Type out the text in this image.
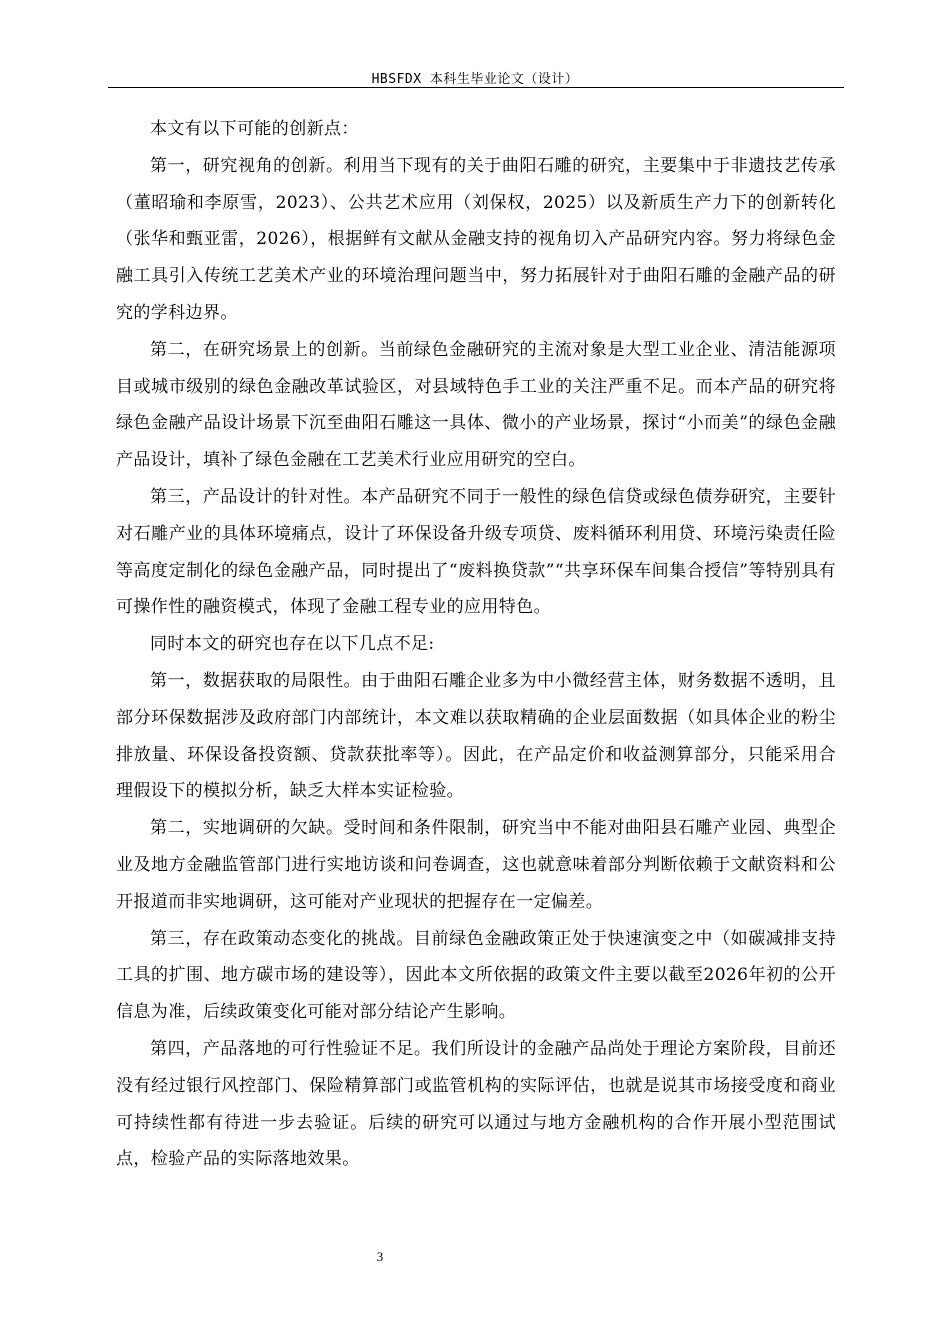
HBSFDX 本科生毕业论文（设计）

本文有以下可能的创新点：

第一，研究视角的创新。利用当下现有的关于曲阳石雕的研究，主要集中于非遗技艺传承（董昭瑜和李原雪，2023）、公共艺术应用（刘保权，2025）以及新质生产力下的创新转化（张华和甄亚雷，2026），根据鲜有文献从金融支持的视角切入产品研究内容。努力将绿色金融工具引入传统工艺美术产业的环境治理问题当中，努力拓展针对于曲阳石雕的金融产品的研究的学科边界。

第二，在研究场景上的创新。当前绿色金融研究的主流对象是大型工业企业、清洁能源项目或城市级别的绿色金融改革试验区，对县域特色手工业的关注严重不足。而本产品的研究将绿色金融产品设计场景下沉至曲阳石雕这一具体、微小的产业场景，探讨“小而美”的绿色金融产品设计，填补了绿色金融在工艺美术行业应用研究的空白。

第三，产品设计的针对性。本产品研究不同于一般性的绿色信贷或绿色债券研究，主要针对石雕产业的具体环境痛点，设计了环保设备升级专项贷、废料循环利用贷、环境污染责任险等高度定制化的绿色金融产品，同时提出了“废料换贷款”“共享环保车间集合授信”等特别具有可操作性的融资模式，体现了金融工程专业的应用特色。

同时本文的研究也存在以下几点不足:

第一，数据获取的局限性。由于曲阳石雕企业多为中小微经营主体，财务数据不透明，且部分环保数据涉及政府部门内部统计，本文难以获取精确的企业层面数据（如具体企业的粉尘排放量、环保设备投资额、贷款获批率等）。因此，在产品定价和收益测算部分，只能采用合理假设下的模拟分析，缺乏大样本实证检验。

第二，实地调研的欠缺。受时间和条件限制，研究当中不能对曲阳县石雕产业园、典型企业及地方金融监管部门进行实地访谈和问卷调查，这也就意味着部分判断依赖于文献资料和公开报道而非实地调研，这可能对产业现状的把握存在一定偏差。

第三，存在政策动态变化的挑战。目前绿色金融政策正处于快速演变之中（如碳减排支持工具的扩围、地方碳市场的建设等），因此本文所依据的政策文件主要以截至2026年初的公开信息为准，后续政策变化可能对部分结论产生影响。

第四，产品落地的可行性验证不足。我们所设计的金融产品尚处于理论方案阶段，目前还没有经过银行风控部门、保险精算部门或监管机构的实际评估，也就是说其市场接受度和商业可持续性都有待进一步去验证。后续的研究可以通过与地方金融机构的合作开展小型范围试点，检验产品的实际落地效果。

3
